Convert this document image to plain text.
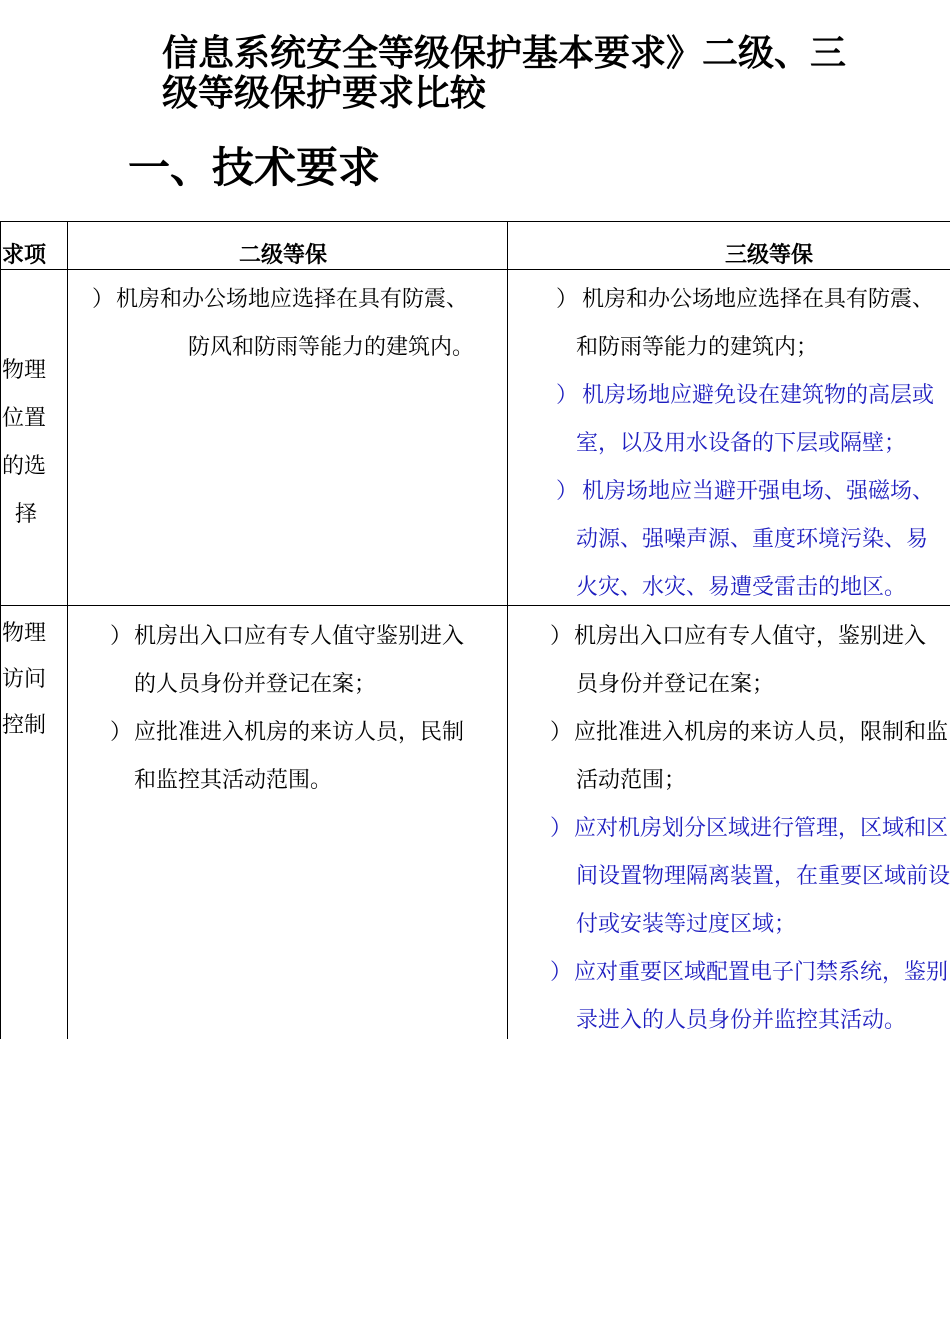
信息系统安全等级保护基本要求》二级、三
级等级保护要求比较
一、技术要求
求项	二级等保	三级等保
物理
位置
的选
择
）机房和办公场地应选择在具有防震、
防风和防雨等能力的建筑内。
） 机房和办公场地应选择在具有防震、
和防雨等能力的建筑内；
） 机房场地应避免设在建筑物的高层或
室，以及用水设备的下层或隔壁；
） 机房场地应当避开强电场、强磁场、
动源、强噪声源、重度环境污染、易
火灾、水灾、易遭受雷击的地区。
物理
访问
控制
）机房出入口应有专人值守鉴别进入
的人员身份并登记在案；
）应批准进入机房的来访人员，民制
和监控其活动范围。
）机房出入口应有专人值守，鉴别进入
员身份并登记在案；
）应批准进入机房的来访人员，限制和监
活动范围；
）应对机房划分区域进行管理，区域和区
间设置物理隔离装置，在重要区域前设
付或安装等过度区域；
）应对重要区域配置电子门禁系统，鉴别
录进入的人员身份并监控其活动。
